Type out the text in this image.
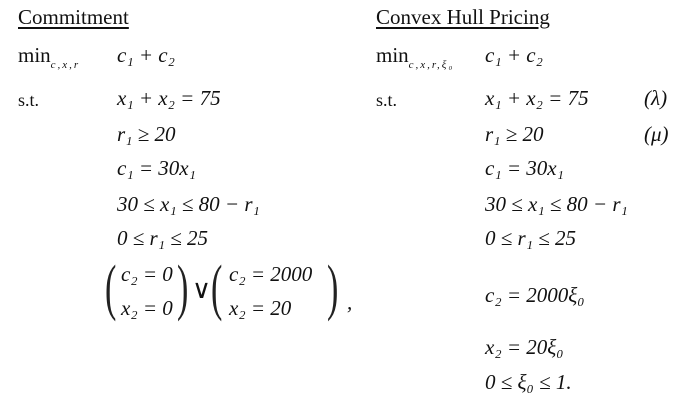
Commitment
$\min_{c,x,r} c_1 + c_2$
s.t.	x₁ + x₂ = 75
r₁ ≥ 20
c₁ = 30x₁
30 ≤ x₁ ≤ 80 − r₁
0 ≤ r₁ ≤ 25
( c₂ = 0
x₂ = 0 ) ∨ ( c₂ = 2000
x₂ = 20 ) ,
Convex Hull Pricing
$\min_{c,x,r,\xi_0} c_1 + c_2$
s.t.	x₁ + x₂ = 75	(λ)
r₁ ≥ 20	(μ)
c₁ = 30x₁
30 ≤ x₁ ≤ 80 − r₁
0 ≤ r₁ ≤ 25
c₂ = 2000ξ₀
x₂ = 20ξ₀
0 ≤ ξ₀ ≤ 1.
